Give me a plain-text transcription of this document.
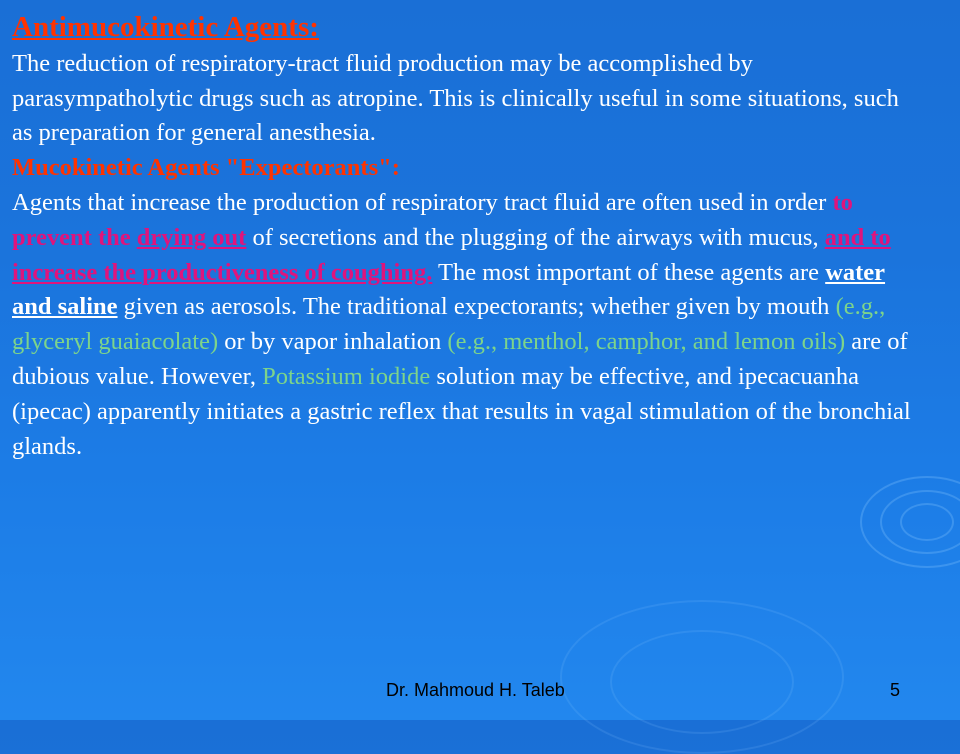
Antimucokinetic Agents:

The reduction of respiratory-tract fluid production may be accomplished by parasympatholytic drugs such as atropine. This is clinically useful in some situations, such as preparation for general anesthesia.

Mucokinetic Agents "Expectorants":

Agents that increase the production of respiratory tract fluid are often used in order to prevent the drying out of secretions and the plugging of the airways with mucus, and to increase the productiveness of coughing. The most important of these agents are water and saline given as aerosols. The traditional expectorants; whether given by mouth (e.g., glyceryl guaiacolate) or by vapor inhalation (e.g., menthol, camphor, and lemon oils) are of dubious value. However, Potassium iodide solution may be effective, and ipecacuanha (ipecac) apparently initiates a gastric reflex that results in vagal stimulation of the bronchial glands.

Dr. Mahmoud H. Taleb	5
